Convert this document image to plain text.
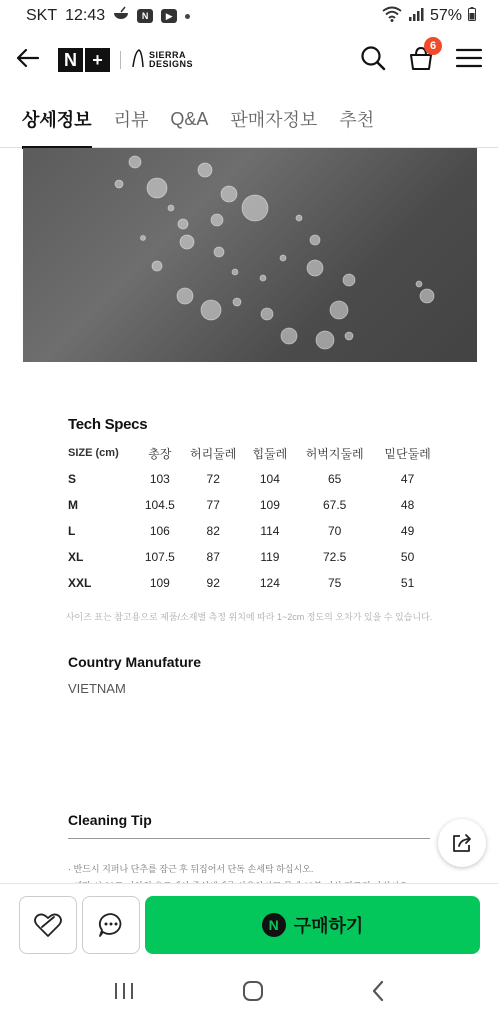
SKT 12:43	N	▶	57%
N +	SIERRA
DESIGNS
6
상세정보 리뷰 Q&A 판매자정보 추천
Tech Specs
SIZE (cm)	총장	허리둘레	힙둘레	허벅지둘레	밑단둘레
S	103	72	104	65	47
M	104.5	77	109	67.5	48
L	106	82	114	70	49
XL	107.5	87	119	72.5	50
XXL	109	92	124	75	51
사이즈 표는 참고용으로 제품/소재별 측정 위치에 따라 1~2cm 정도의 오차가 있을 수 있습니다.
Country Manufature
VIETNAM
Cleaning Tip
· 반드시 지퍼나 단추를 잠근 후 뒤집어서 단독 손세탁 하십시오.
N 구매하기
